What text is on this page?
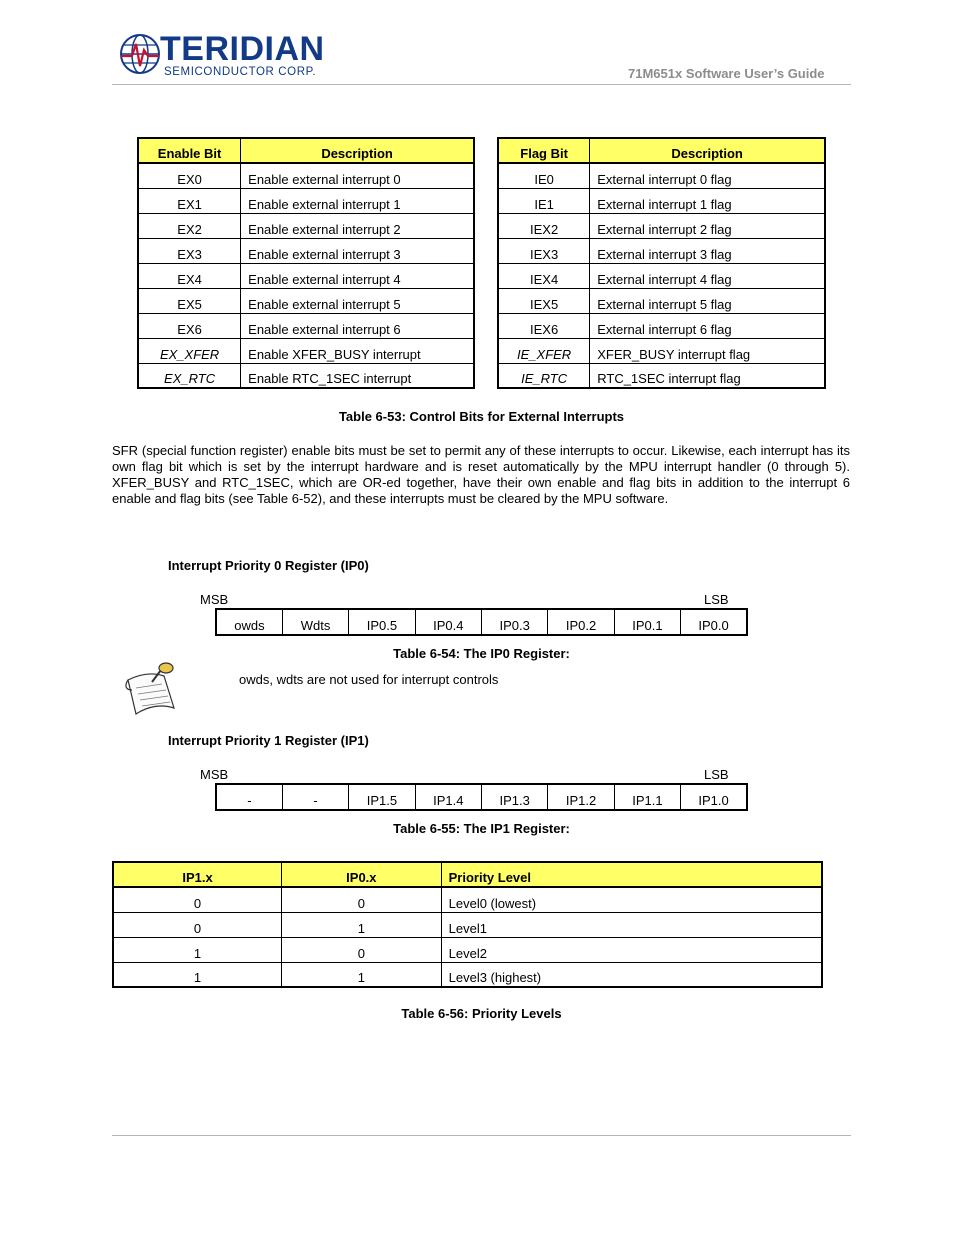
TERIDIAN
SEMICONDUCTOR CORP.	71M651x Software User’s Guide
Enable Bit	Description
EX0	Enable external interrupt 0
EX1	Enable external interrupt 1
EX2	Enable external interrupt 2
EX3	Enable external interrupt 3
EX4	Enable external interrupt 4
EX5	Enable external interrupt 5
EX6	Enable external interrupt 6
EX_XFER	Enable XFER_BUSY interrupt
EX_RTC	Enable RTC_1SEC interrupt
Flag Bit	Description
IE0	External interrupt 0 flag
IE1	External interrupt 1 flag
IEX2	External interrupt 2 flag
IEX3	External interrupt 3 flag
IEX4	External interrupt 4 flag
IEX5	External interrupt 5 flag
IEX6	External interrupt 6 flag
IE_XFER	XFER_BUSY interrupt flag
IE_RTC	RTC_1SEC interrupt flag
Table 6-53: Control Bits for External Interrupts
SFR (special function register) enable bits must be set to permit any of these interrupts to occur. Likewise, each interrupt has its own flag bit which is set by the interrupt hardware and is reset automatically by the MPU interrupt handler (0 through 5). XFER_BUSY and RTC_1SEC, which are OR-ed together, have their own enable and flag bits in addition to the interrupt 6 enable and flag bits (see Table 6-52), and these interrupts must be cleared by the MPU software.
Interrupt Priority 0 Register (IP0)
MSB	LSB
owds	Wdts	IP0.5	IP0.4	IP0.3	IP0.2	IP0.1	IP0.0
Table 6-54: The IP0 Register:
owds, wdts are not used for interrupt controls
Interrupt Priority 1 Register (IP1)
MSB	LSB
-	-	IP1.5	IP1.4	IP1.3	IP1.2	IP1.1	IP1.0
Table 6-55: The IP1 Register:
IP1.x	IP0.x	Priority Level
0	0	Level0 (lowest)
0	1	Level1
1	0	Level2
1	1	Level3 (highest)
Table 6-56: Priority Levels
